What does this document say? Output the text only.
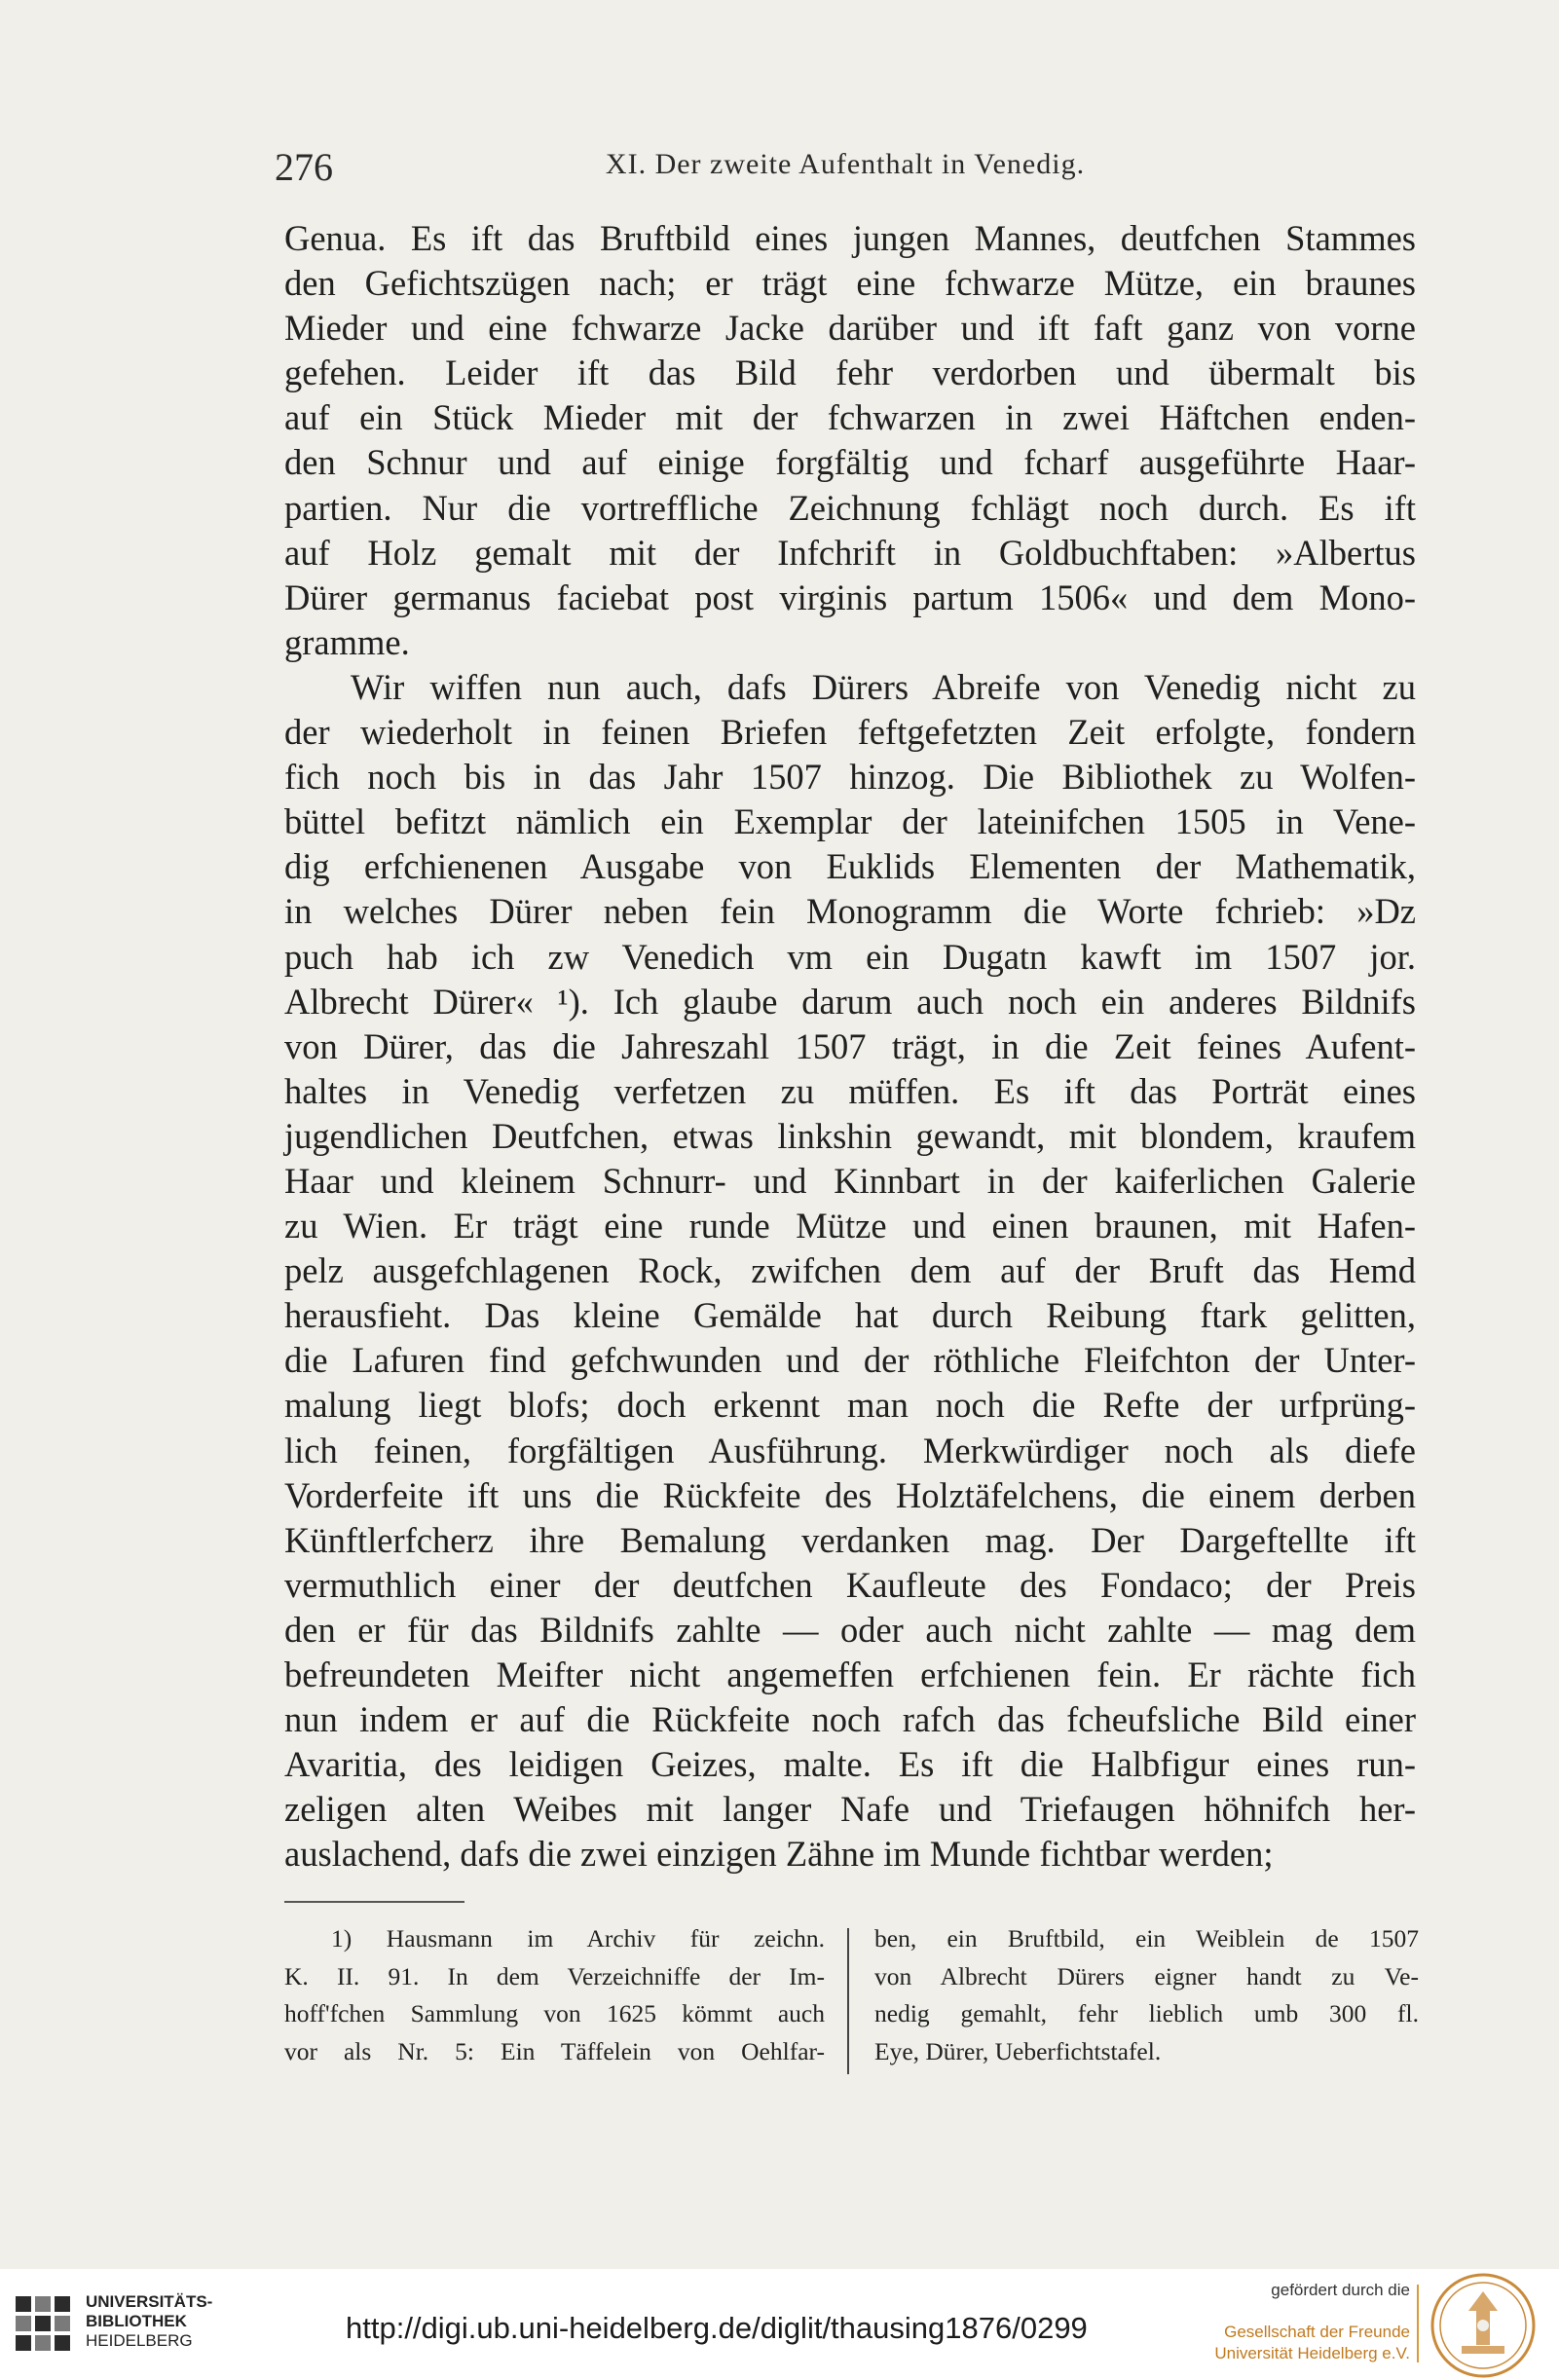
276	XI. Der zweite Aufenthalt in Venedig.
Genua. Es ift das Bruftbild eines jungen Mannes, deutfchen Stammes
den Gefichtszügen nach; er trägt eine fchwarze Mütze, ein braunes
Mieder und eine fchwarze Jacke darüber und ift faft ganz von vorne
gefehen. Leider ift das Bild fehr verdorben und übermalt bis
auf ein Stück Mieder mit der fchwarzen in zwei Häftchen enden-
den Schnur und auf einige forgfältig und fcharf ausgeführte Haar-
partien. Nur die vortreffliche Zeichnung fchlägt noch durch. Es ift
auf Holz gemalt mit der Infchrift in Goldbuchftaben: »Albertus
Dürer germanus faciebat post virginis partum 1506« und dem Mono-
gramme.
Wir wiffen nun auch, dafs Dürers Abreife von Venedig nicht zu
der wiederholt in feinen Briefen feftgefetzten Zeit erfolgte, fondern
fich noch bis in das Jahr 1507 hinzog. Die Bibliothek zu Wolfen-
büttel befitzt nämlich ein Exemplar der lateinifchen 1505 in Vene-
dig erfchienenen Ausgabe von Euklids Elementen der Mathematik,
in welches Dürer neben fein Monogramm die Worte fchrieb: »Dz
puch hab ich zw Venedich vm ein Dugatn kawft im 1507 jor.
Albrecht Dürer« ¹). Ich glaube darum auch noch ein anderes Bildnifs
von Dürer, das die Jahreszahl 1507 trägt, in die Zeit feines Aufent-
haltes in Venedig verfetzen zu müffen. Es ift das Porträt eines
jugendlichen Deutfchen, etwas linkshin gewandt, mit blondem, kraufem
Haar und kleinem Schnurr- und Kinnbart in der kaiferlichen Galerie
zu Wien. Er trägt eine runde Mütze und einen braunen, mit Hafen-
pelz ausgefchlagenen Rock, zwifchen dem auf der Bruft das Hemd
herausfieht. Das kleine Gemälde hat durch Reibung ftark gelitten,
die Lafuren find gefchwunden und der röthliche Fleifchton der Unter-
malung liegt blofs; doch erkennt man noch die Refte der urfprüng-
lich feinen, forgfältigen Ausführung. Merkwürdiger noch als diefe
Vorderfeite ift uns die Rückfeite des Holztäfelchens, die einem derben
Künftlerfcherz ihre Bemalung verdanken mag. Der Dargeftellte ift
vermuthlich einer der deutfchen Kaufleute des Fondaco; der Preis
den er für das Bildnifs zahlte — oder auch nicht zahlte — mag dem
befreundeten Meifter nicht angemeffen erfchienen fein. Er rächte fich
nun indem er auf die Rückfeite noch rafch das fcheufsliche Bild einer
Avaritia, des leidigen Geizes, malte. Es ift die Halbfigur eines run-
zeligen alten Weibes mit langer Nafe und Triefaugen höhnifch her-
auslachend, dafs die zwei einzigen Zähne im Munde fichtbar werden;
1) Hausmann im Archiv für zeichn.
K. II. 91. In dem Verzeichniffe der Im-
hoff'fchen Sammlung von 1625 kömmt auch
vor als Nr. 5: Ein Täffelein von Oehlfar-
ben, ein Bruftbild, ein Weiblein de 1507
von Albrecht Dürers eigner handt zu Ve-
nedig gemahlt, fehr lieblich umb 300 fl.
Eye, Dürer, Ueberfichtstafel.
UNIVERSITÄTS-
BIBLIOTHEK
HEIDELBERG	http://digi.ub.uni-heidelberg.de/diglit/thausing1876/0299
gefördert durch die
Gesellschaft der Freunde
Universität Heidelberg e.V.
